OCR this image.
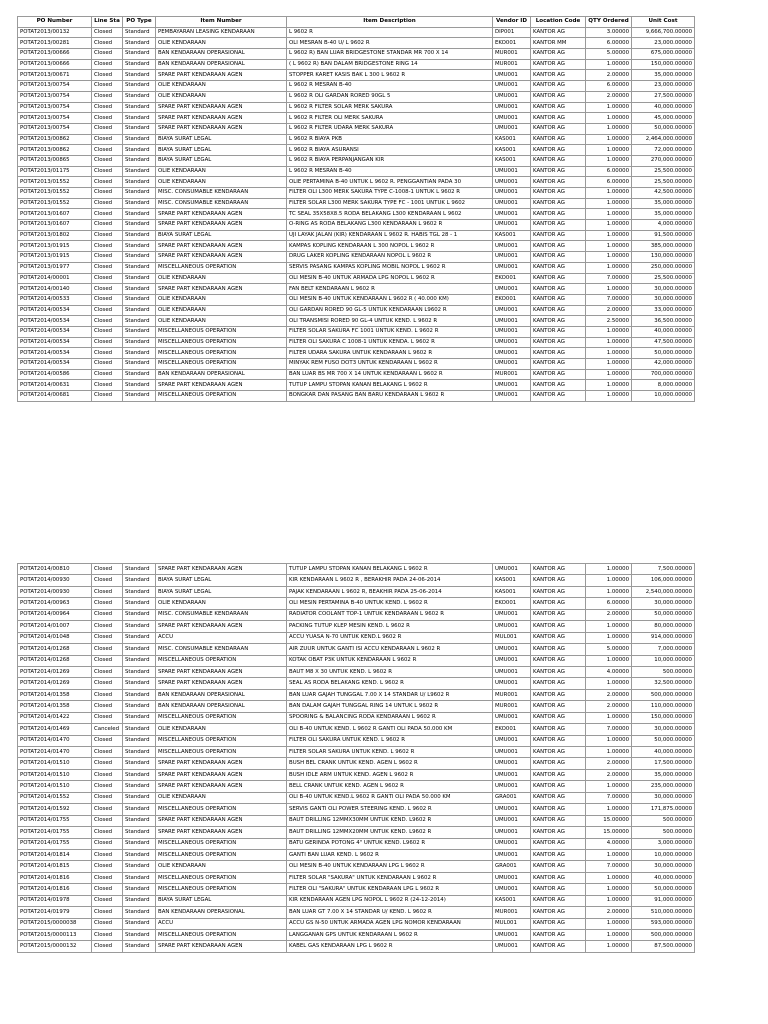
PO Number	Line Sta	PO Type	Item Number	Item Description	Vendor ID	Location Code	QTY Ordered	Unit Cost
POTAT2013/00132	Closed	Standard	PEMBAYARAN LEASING KENDARAAN	L 9602 R	DIP001	KANTOR AG	3.00000	9,666,700.00000
POTAT2013/00281	Closed	Standard	OLIE KENDARAAN	OLI MESRAN B-40 U/ L 9602 R	EKO001	KANTOR MM	6.00000	23,000.00000
POTAT2013/00666	Closed	Standard	BAN KENDARAAN OPERASIONAL	L 9602 R) BAN LUAR BRIDGESTONE STANDAR MR 700 X 14	MUR001	KANTOR AG	5.00000	675,000.00000
POTAT2013/00666	Closed	Standard	BAN KENDARAAN OPERASIONAL	( L 9602 R) BAN DALAM BRIDGESTONE RING 14	MUR001	KANTOR AG	1.00000	150,000.00000
POTAT2013/00671	Closed	Standard	SPARE PART KENDARAAN AGEN	STOPPER KARET KASIS BAK L 300 L 9602 R	UMU001	KANTOR AG	2.00000	35,000.00000
POTAT2013/00754	Closed	Standard	OLIE KENDARAAN	L 9602 R MESRAN B-40	UMU001	KANTOR AG	6.00000	23,000.00000
POTAT2013/00754	Closed	Standard	OLIE KENDARAAN	L 9602 R OLI GARDAN RORED 90GL 5	UMU001	KANTOR AG	2.00000	27,500.00000
POTAT2013/00754	Closed	Standard	SPARE PART KENDARAAN AGEN	L 9602 R FILTER SOLAR MERK SAKURA	UMU001	KANTOR AG	1.00000	40,000.00000
POTAT2013/00754	Closed	Standard	SPARE PART KENDARAAN AGEN	L 9602 R FILTER OLI MERK SAKURA	UMU001	KANTOR AG	1.00000	45,000.00000
POTAT2013/00754	Closed	Standard	SPARE PART KENDARAAN AGEN	L 9602 R FILTER UDARA MERK SAKURA	UMU001	KANTOR AG	1.00000	50,000.00000
POTAT2013/00862	Closed	Standard	BIAYA SURAT LEGAL	L 9602 R BIAYA PKB	KAS001	KANTOR AG	1.00000	2,464,000.00000
POTAT2013/00862	Closed	Standard	BIAYA SURAT LEGAL	L 9602 R BIAYA ASURANSI	KAS001	KANTOR AG	1.00000	72,000.00000
POTAT2013/00865	Closed	Standard	BIAYA SURAT LEGAL	L 9602 R BIAYA PERPANJANGAN KIR	KAS001	KANTOR AG	1.00000	270,000.00000
POTAT2013/01175	Closed	Standard	OLIE KENDARAAN	L 9602 R MESRAN B-40	UMU001	KANTOR AG	6.00000	25,500.00000
POTAT2013/01552	Closed	Standard	OLIE KENDARAAN	OLIE PERTAMINA B-40 UNTUK L 9602 R. PENGGANTIAN PADA 30	UMU001	KANTOR AG	6.00000	25,500.00000
POTAT2013/01552	Closed	Standard	MISC. CONSUMABLE KENDARAAN	FILTER OLI L300 MERK SAKURA TYPE C-1008-1 UNTUK L 9602 R	UMU001	KANTOR AG	1.00000	42,500.00000
POTAT2013/01552	Closed	Standard	MISC. CONSUMABLE KENDARAAN	FILTER SOLAR L300 MERK SAKURA TYPE FC - 1001 UNTUK L 9602	UMU001	KANTOR AG	1.00000	35,000.00000
POTAT2013/01607	Closed	Standard	SPARE PART KENDARAAN AGEN	TC SEAL 35X58X8.5 RODA BELAKANG L300 KENDARAAN L 9602	UMU001	KANTOR AG	1.00000	35,000.00000
POTAT2013/01607	Closed	Standard	SPARE PART KENDARAAN AGEN	O-RING AS RODA BELAKANG L300 KENDARAAN L 9602 R	UMU001	KANTOR AG	1.00000	4,000.00000
POTAT2013/01802	Closed	Standard	BIAYA SURAT LEGAL	UJI LAYAK JALAN (KIR) KENDARAAN L 9602 R. HABIS TGL 28 - 1	KAS001	KANTOR AG	1.00000	91,500.00000
POTAT2013/01915	Closed	Standard	SPARE PART KENDARAAN AGEN	KAMPAS KOPLING KENDARAAN L 300 NOPOL L 9602 R	UMU001	KANTOR AG	1.00000	385,000.00000
POTAT2013/01915	Closed	Standard	SPARE PART KENDARAAN AGEN	DRUG LAKER KOPLING KENDARAAN NOPOL L 9602 R	UMU001	KANTOR AG	1.00000	130,000.00000
POTAT2013/01977	Closed	Standard	MISCELLANEOUS OPERATION	SERVIS PASANG KAMPAS KOPLING MOBIL NOPOL L 9602 R	UMU001	KANTOR AG	1.00000	250,000.00000
POTAT2014/00001	Closed	Standard	OLIE KENDARAAN	OLI MESIN B-40 UNTUK ARMADA LPG NOPOL L 9602 R	EKO001	KANTOR AG	7.00000	25,500.00000
POTAT2014/00140	Closed	Standard	SPARE PART KENDARAAN AGEN	FAN BELT KENDARAAN L 9602 R	UMU001	KANTOR AG	1.00000	30,000.00000
POTAT2014/00533	Closed	Standard	OLIE KENDARAAN	OLI MESIN B-40 UNTUK KENDARAAN L 9602 R ( 40.000 KM)	EKO001	KANTOR AG	7.00000	30,000.00000
POTAT2014/00534	Closed	Standard	OLIE KENDARAAN	OLI GARDAN RORED 90 GL-5 UNTUK KENDARAAN L9602 R	UMU001	KANTOR AG	2.00000	33,000.00000
POTAT2014/00534	Closed	Standard	OLIE KENDARAAN	OLI TRANSMISI RORED 90 GL-4 UNTUK KEND. L 9602 R	UMU001	KANTOR AG	2.50000	36,500.00000
POTAT2014/00534	Closed	Standard	MISCELLANEOUS OPERATION	FILTER SOLAR SAKURA FC 1001 UNTUK KEND. L 9602 R	UMU001	KANTOR AG	1.00000	40,000.00000
POTAT2014/00534	Closed	Standard	MISCELLANEOUS OPERATION	FILTER OLI SAKURA C 1008-1 UNTUK KENDA. L 9602 R	UMU001	KANTOR AG	1.00000	47,500.00000
POTAT2014/00534	Closed	Standard	MISCELLANEOUS OPERATION	FILTER UDARA SAKURA UNTUK KENDARAAN L 9602 R	UMU001	KANTOR AG	1.00000	50,000.00000
POTAT2014/00534	Closed	Standard	MISCELLANEOUS OPERATION	MINYAK REM FUSO DOT3 UNTUK KENDARAAN L 9602 R	UMU001	KANTOR AG	1.00000	42,000.00000
POTAT2014/00586	Closed	Standard	BAN KENDARAAN OPERASIONAL	BAN LUAR BS MR 700 X 14 UNTUK KENDARAAN L 9602 R	MUR001	KANTOR AG	1.00000	700,000.00000
POTAT2014/00631	Closed	Standard	SPARE PART KENDARAAN AGEN	TUTUP LAMPU STOPAN KANAN BELAKANG L 9602 R	UMU001	KANTOR AG	1.00000	8,000.00000
POTAT2014/00681	Closed	Standard	MISCELLANEOUS OPERATION	BONGKAR DAN PASANG BAN BARU KENDARAAN L 9602 R	UMU001	KANTOR AG	1.00000	10,000.00000
POTAT2014/00810	Closed	Standard	SPARE PART KENDARAAN AGEN	TUTUP LAMPU STOPAN KANAN BELAKANG L 9602 R	UMU001	KANTOR AG	1.00000	7,500.00000
POTAT2014/00930	Closed	Standard	BIAYA SURAT LEGAL	KIR KENDARAAN L 9602 R , BERAKHIR PADA 24-06-2014	KAS001	KANTOR AG	1.00000	106,000.00000
POTAT2014/00930	Closed	Standard	BIAYA SURAT LEGAL	PAJAK KENDARAAN L 9602 R, BEAKHIR PADA 25-06-2014	KAS001	KANTOR AG	1.00000	2,540,000.00000
POTAT2014/00963	Closed	Standard	OLIE KENDARAAN	OLI MESIN PERTAMINA B-40 UNTUK KEND. L 9602 R	EKO001	KANTOR AG	6.00000	30,000.00000
POTAT2014/00964	Closed	Standard	MISC. CONSUMABLE KENDARAAN	RADIATOR COOLANT TOP-1 UNTUK KENDARAAN L 9602 R	UMU001	KANTOR AG	2.00000	50,000.00000
POTAT2014/01007	Closed	Standard	SPARE PART KENDARAAN AGEN	PACKING TUTUP KLEP MESIN KEND. L 9602 R	UMU001	KANTOR AG	1.00000	80,000.00000
POTAT2014/01048	Closed	Standard	ACCU	ACCU YUASA N-70 UNTUK KEND.L 9602 R	MUL001	KANTOR AG	1.00000	914,000.00000
POTAT2014/01268	Closed	Standard	MISC. CONSUMABLE KENDARAAN	AIR ZUUR UNTUK GANTI ISI ACCU KENDARAAN L 9602 R	UMU001	KANTOR AG	5.00000	7,000.00000
POTAT2014/01268	Closed	Standard	MISCELLANEOUS OPERATION	KOTAK OBAT P3K UNTUK KENDARAAN L 9602 R	UMU001	KANTOR AG	1.00000	10,000.00000
POTAT2014/01269	Closed	Standard	SPARE PART KENDARAAN AGEN	BAUT M8 X 30 UNTUK KEND. L 9602 R	UMU001	KANTOR AG	4.00000	500.00000
POTAT2014/01269	Closed	Standard	SPARE PART KENDARAAN AGEN	SEAL AS RODA BELAKANG KEND. L 9602 R	UMU001	KANTOR AG	1.00000	32,500.00000
POTAT2014/01358	Closed	Standard	BAN KENDARAAN OPERASIONAL	BAN LUAR GAJAH TUNGGAL 7.00 X 14 STANDAR U/ L9602 R	MUR001	KANTOR AG	2.00000	500,000.00000
POTAT2014/01358	Closed	Standard	BAN KENDARAAN OPERASIONAL	BAN DALAM GAJAH TUNGGAL RING 14 UNTUK L 9602 R	MUR001	KANTOR AG	2.00000	110,000.00000
POTAT2014/01422	Closed	Standard	MISCELLANEOUS OPERATION	SPOORING & BALANCING RODA KENDARAAN L 9602 R	UMU001	KANTOR AG	1.00000	150,000.00000
POTAT2014/01469	Canceled	Standard	OLIE KENDARAAN	OLI B-40 UNTUK KEND. L 9602 R GANTI OLI PADA 50.000 KM	EKO001	KANTOR AG	7.00000	30,000.00000
POTAT2014/01470	Closed	Standard	MISCELLANEOUS OPERATION	FILTER OLI SAKURA UNTUK KEND. L 9602 R	UMU001	KANTOR AG	1.00000	50,000.00000
POTAT2014/01470	Closed	Standard	MISCELLANEOUS OPERATION	FILTER SOLAR SAKURA UNTUK KEND. L 9602 R	UMU001	KANTOR AG	1.00000	40,000.00000
POTAT2014/01510	Closed	Standard	SPARE PART KENDARAAN AGEN	BUSH BEL CRANK UNTUK KEND. AGEN L 9602 R	UMU001	KANTOR AG	2.00000	17,500.00000
POTAT2014/01510	Closed	Standard	SPARE PART KENDARAAN AGEN	BUSH IDLE ARM UNTUK KEND. AGEN L 9602 R	UMU001	KANTOR AG	2.00000	35,000.00000
POTAT2014/01510	Closed	Standard	SPARE PART KENDARAAN AGEN	BELL CRANK UNTUK KEND. AGEN L 9602 R	UMU001	KANTOR AG	1.00000	235,000.00000
POTAT2014/01552	Closed	Standard	OLIE KENDARAAN	OLI B-40 UNTUK KEND.L 9602 R GANTI OLI PADA 50.000 KM	GRA001	KANTOR AG	7.00000	30,000.00000
POTAT2014/01592	Closed	Standard	MISCELLANEOUS OPERATION	SERVIS GANTI OLI POWER STEERING KEND. L 9602 R	UMU001	KANTOR AG	1.00000	171,875.00000
POTAT2014/01755	Closed	Standard	SPARE PART KENDARAAN AGEN	BAUT DRILLING 12MMX30MM UNTUK KEND. L9602 R	UMU001	KANTOR AG	15.00000	500.00000
POTAT2014/01755	Closed	Standard	SPARE PART KENDARAAN AGEN	BAUT DRILLING 12MMX20MM UNTUK KEND. L9602 R	UMU001	KANTOR AG	15.00000	500.00000
POTAT2014/01755	Closed	Standard	MISCELLANEOUS OPERATION	BATU GERINDA POTONG 4" UNTUK KEND. L9602 R	UMU001	KANTOR AG	4.00000	3,000.00000
POTAT2014/01814	Closed	Standard	MISCELLANEOUS OPERATION	GANTI BAN LUAR KEND. L 9602 R	UMU001	KANTOR AG	1.00000	10,000.00000
POTAT2014/01815	Closed	Standard	OLIE KENDARAAN	OLI MESIN B-40 UNTUK KENDARAAN LPG L 9602 R	GRA001	KANTOR AG	7.00000	30,000.00000
POTAT2014/01816	Closed	Standard	MISCELLANEOUS OPERATION	FILTER SOLAR "SAKURA" UNTUK KENDARAAN L 9602 R	UMU001	KANTOR AG	1.00000	40,000.00000
POTAT2014/01816	Closed	Standard	MISCELLANEOUS OPERATION	FILTER OLI "SAKURA" UNTUK KENDARAAN LPG L 9602 R	UMU001	KANTOR AG	1.00000	50,000.00000
POTAT2014/01978	Closed	Standard	BIAYA SURAT LEGAL	KIR KENDARAAN AGEN LPG NOPOL L 9602 R (24-12-2014)	KAS001	KANTOR AG	1.00000	91,000.00000
POTAT2014/01979	Closed	Standard	BAN KENDARAAN OPERASIONAL	BAN LUAR GT 7.00 X 14 STANDAR U/ KEND. L 9602 R	MUR001	KANTOR AG	2.00000	510,000.00000
POTAT2015/0000038	Closed	Standard	ACCU	ACCU GS N-50 UNTUK ARMADA AGEN LPG NOMOR KENDARAAN	MUL001	KANTOR AG	1.00000	593,000.00000
POTAT2015/0000113	Closed	Standard	MISCELLANEOUS OPERATION	LANGGANAN GPS UNTUK KENDARAAN L 9602 R	UMU001	KANTOR AG	1.00000	500,000.00000
POTAT2015/0000132	Closed	Standard	SPARE PART KENDARAAN AGEN	KABEL GAS KENDARAAN LPG L 9602 R	UMU001	KANTOR AG	1.00000	87,500.00000
